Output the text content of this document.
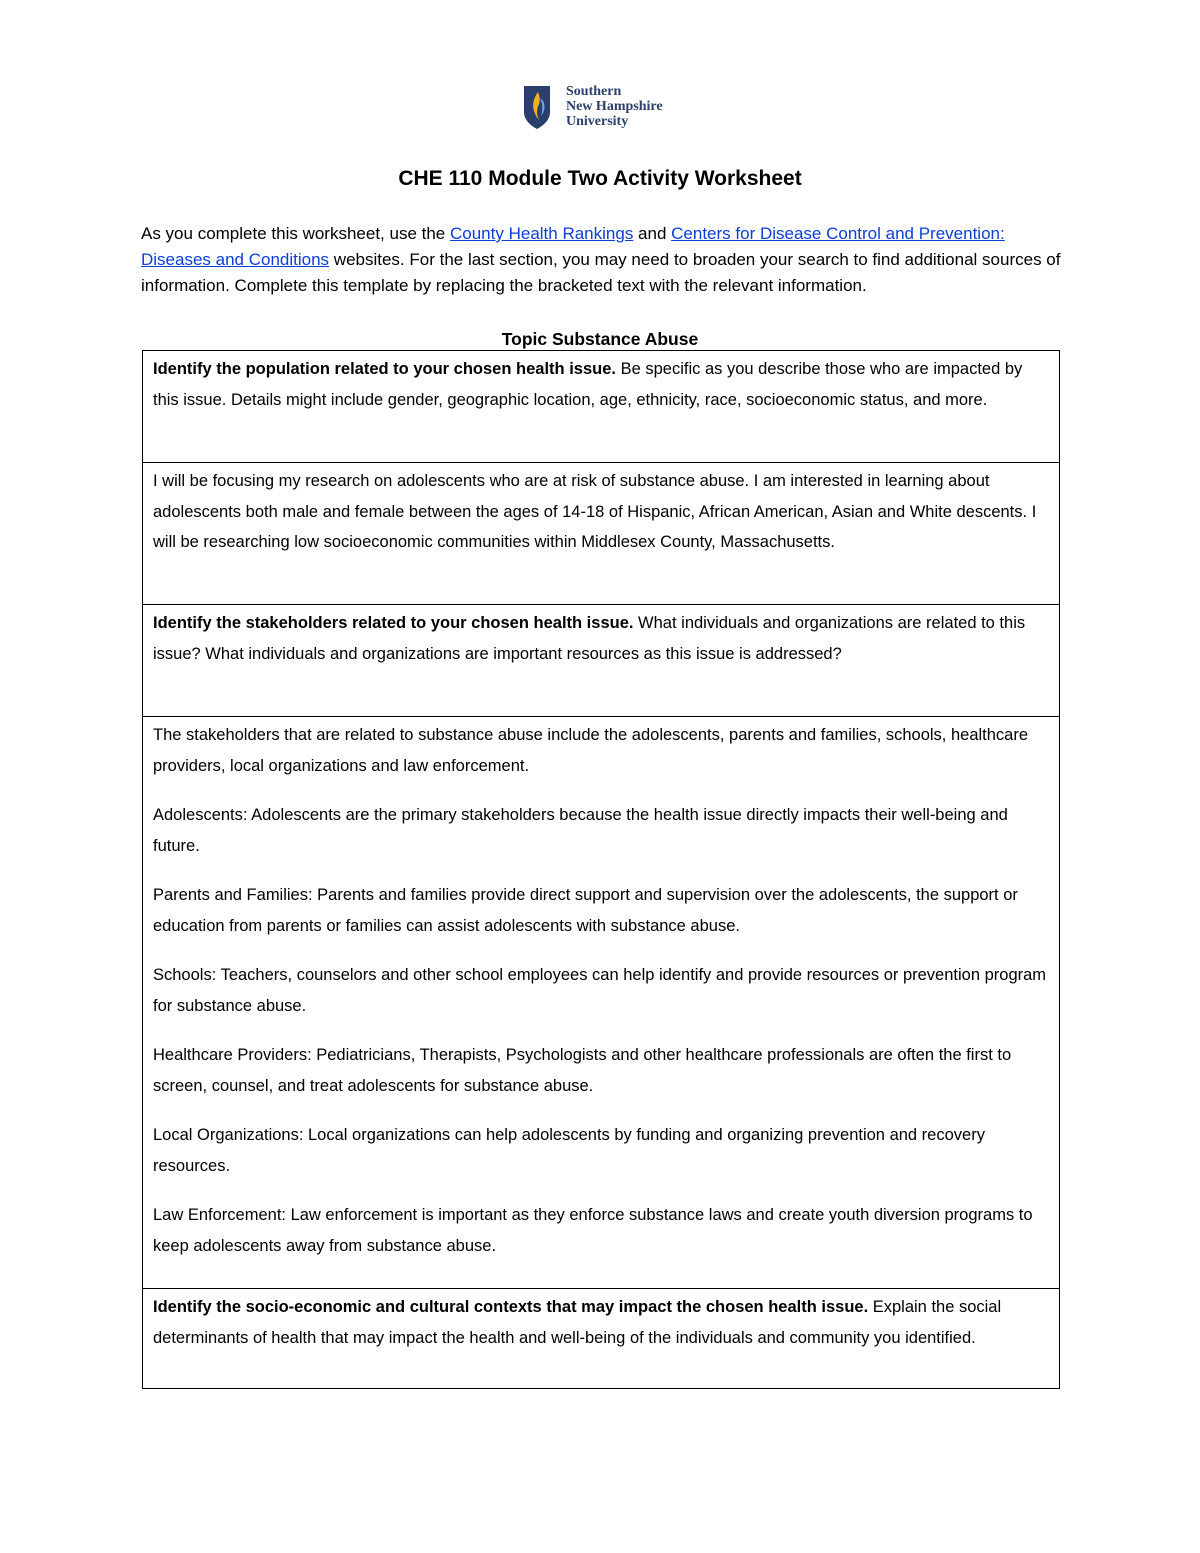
Southern
New Hampshire
University
CHE 110 Module Two Activity Worksheet
As you complete this worksheet, use the County Health Rankings and Centers for Disease Control and Prevention: Diseases and Conditions websites. For the last section, you may need to broaden your search to find additional sources of information. Complete this template by replacing the bracketed text with the relevant information.
Topic Substance Abuse
Identify the population related to your chosen health issue. Be specific as you describe those who are impacted by this issue. Details might include gender, geographic location, age, ethnicity, race, socioeconomic status, and more.
I will be focusing my research on adolescents who are at risk of substance abuse. I am interested in learning about adolescents both male and female between the ages of 14-18 of Hispanic, African American, Asian and White descents. I will be researching low socioeconomic communities within Middlesex County, Massachusetts.
Identify the stakeholders related to your chosen health issue. What individuals and organizations are related to this issue? What individuals and organizations are important resources as this issue is addressed?

The stakeholders that are related to substance abuse include the adolescents, parents and families, schools, healthcare providers, local organizations and law enforcement.

Adolescents: Adolescents are the primary stakeholders because the health issue directly impacts their well-being and future.

Parents and Families: Parents and families provide direct support and supervision over the adolescents, the support or education from parents or families can assist adolescents with substance abuse.

Schools: Teachers, counselors and other school employees can help identify and provide resources or prevention program for substance abuse.

Healthcare Providers: Pediatricians, Therapists, Psychologists and other healthcare professionals are often the first to screen, counsel, and treat adolescents for substance abuse.

Local Organizations: Local organizations can help adolescents by funding and organizing prevention and recovery resources.

Law Enforcement: Law enforcement is important as they enforce substance laws and create youth diversion programs to keep adolescents away from substance abuse.

Identify the socio-economic and cultural contexts that may impact the chosen health issue. Explain the social determinants of health that may impact the health and well-being of the individuals and community you identified.
